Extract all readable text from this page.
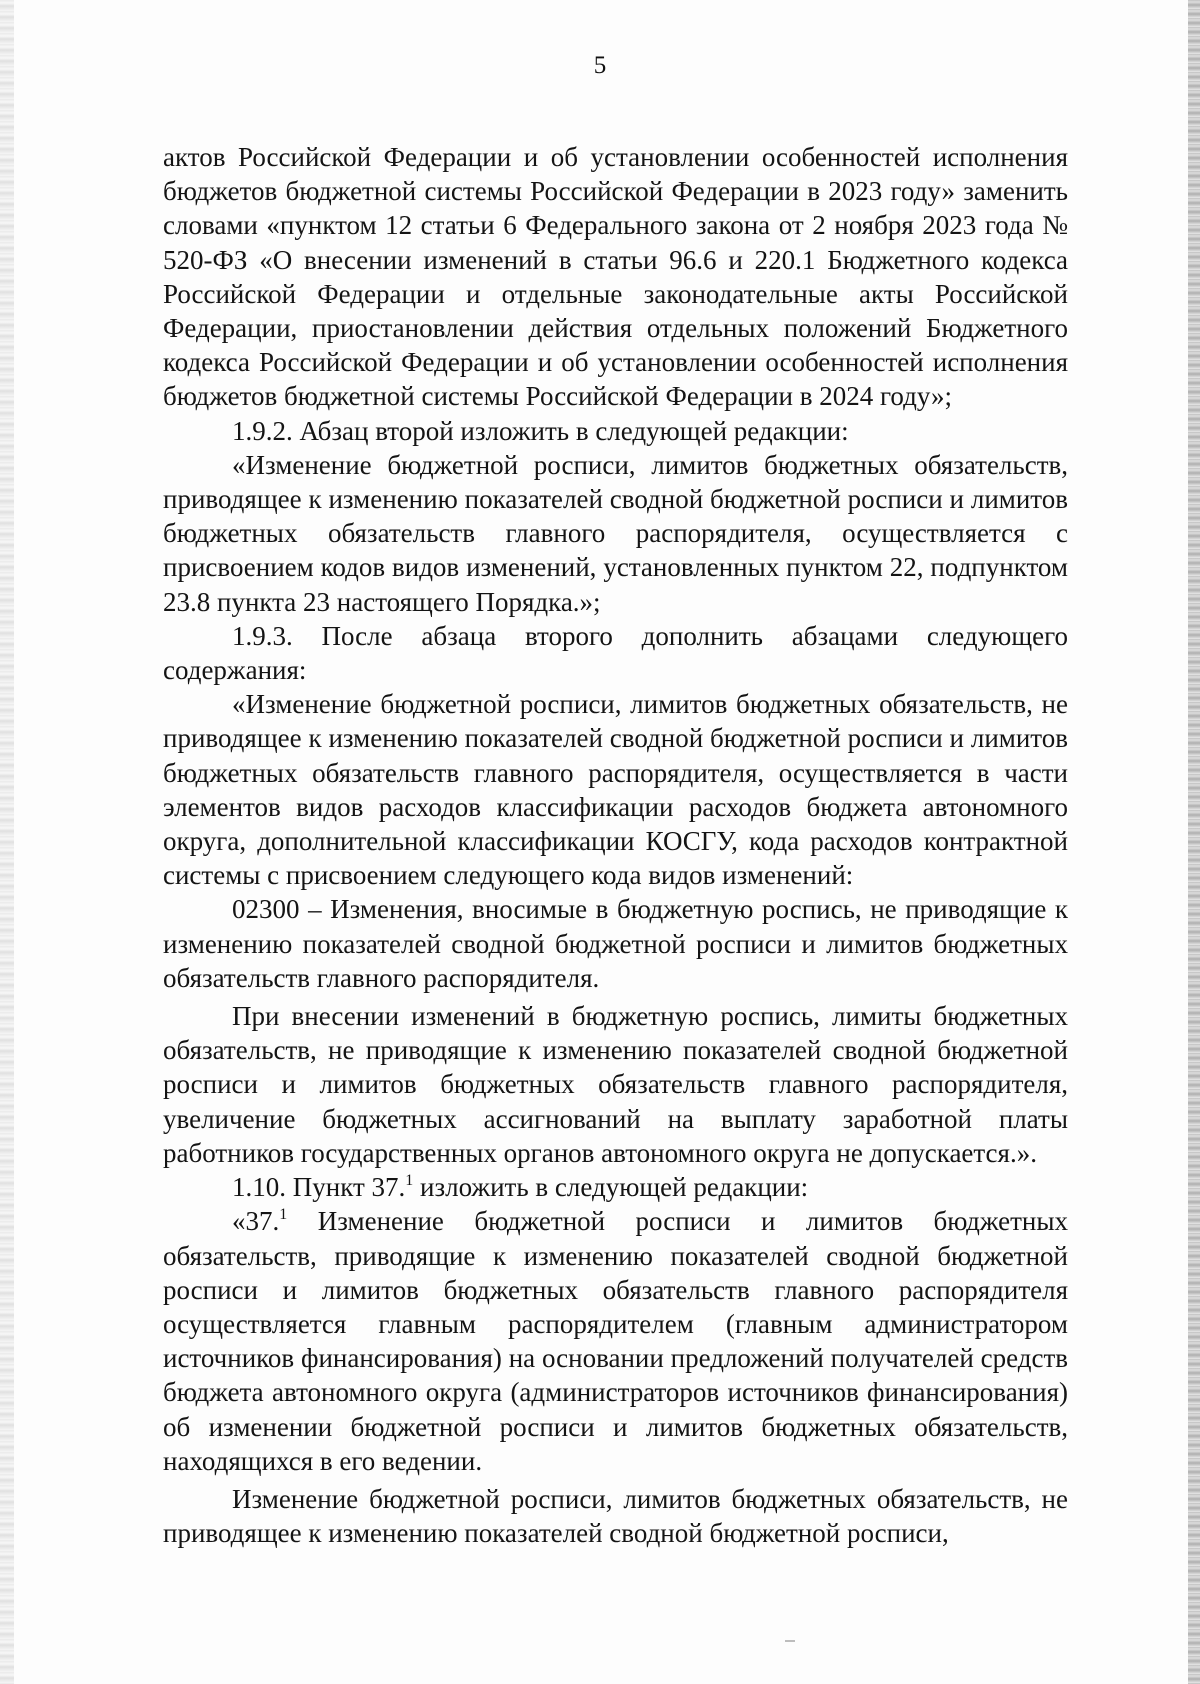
5

актов Российской Федерации и об установлении особенностей исполнения бюджетов бюджетной системы Российской Федерации в 2023 году» заменить словами «пунктом 12 статьи 6 Федерального закона от 2 ноября 2023 года № 520-ФЗ «О внесении изменений в статьи 96.6 и 220.1 Бюджетного кодекса Российской Федерации и отдельные законодательные акты Российской Федерации, приостановлении действия отдельных положений Бюджетного кодекса Российской Федерации и об установлении особенностей исполнения бюджетов бюджетной системы Российской Федерации в 2024 году»;

1.9.2. Абзац второй изложить в следующей редакции:

«Изменение бюджетной росписи, лимитов бюджетных обязательств, приводящее к изменению показателей сводной бюджетной росписи и лимитов бюджетных обязательств главного распорядителя, осуществляется с присвоением кодов видов изменений, установленных пунктом 22, подпунктом 23.8 пункта 23 настоящего Порядка.»;

1.9.3. После абзаца второго дополнить абзацами следующего содержания:

«Изменение бюджетной росписи, лимитов бюджетных обязательств, не приводящее к изменению показателей сводной бюджетной росписи и лимитов бюджетных обязательств главного распорядителя, осуществляется в части элементов видов расходов классификации расходов бюджета автономного округа, дополнительной классификации КОСГУ, кода расходов контрактной системы с присвоением следующего кода видов изменений:

02300 – Изменения, вносимые в бюджетную роспись, не приводящие к изменению показателей сводной бюджетной росписи и лимитов бюджетных обязательств главного распорядителя.

При внесении изменений в бюджетную роспись, лимиты бюджетных обязательств, не приводящие к изменению показателей сводной бюджетной росписи и лимитов бюджетных обязательств главного распорядителя, увеличение бюджетных ассигнований на выплату заработной платы работников государственных органов автономного округа не допускается.».

1.10. Пункт 37.$^1$ изложить в следующей редакции:

«37.$^1$ Изменение бюджетной росписи и лимитов бюджетных обязательств, приводящие к изменению показателей сводной бюджетной росписи и лимитов бюджетных обязательств главного распорядителя осуществляется главным распорядителем (главным администратором источников финансирования) на основании предложений получателей средств бюджета автономного округа (администраторов источников финансирования) об изменении бюджетной росписи и лимитов бюджетных обязательств, находящихся в его ведении.

Изменение бюджетной росписи, лимитов бюджетных обязательств, не приводящее к изменению показателей сводной бюджетной росписи,
